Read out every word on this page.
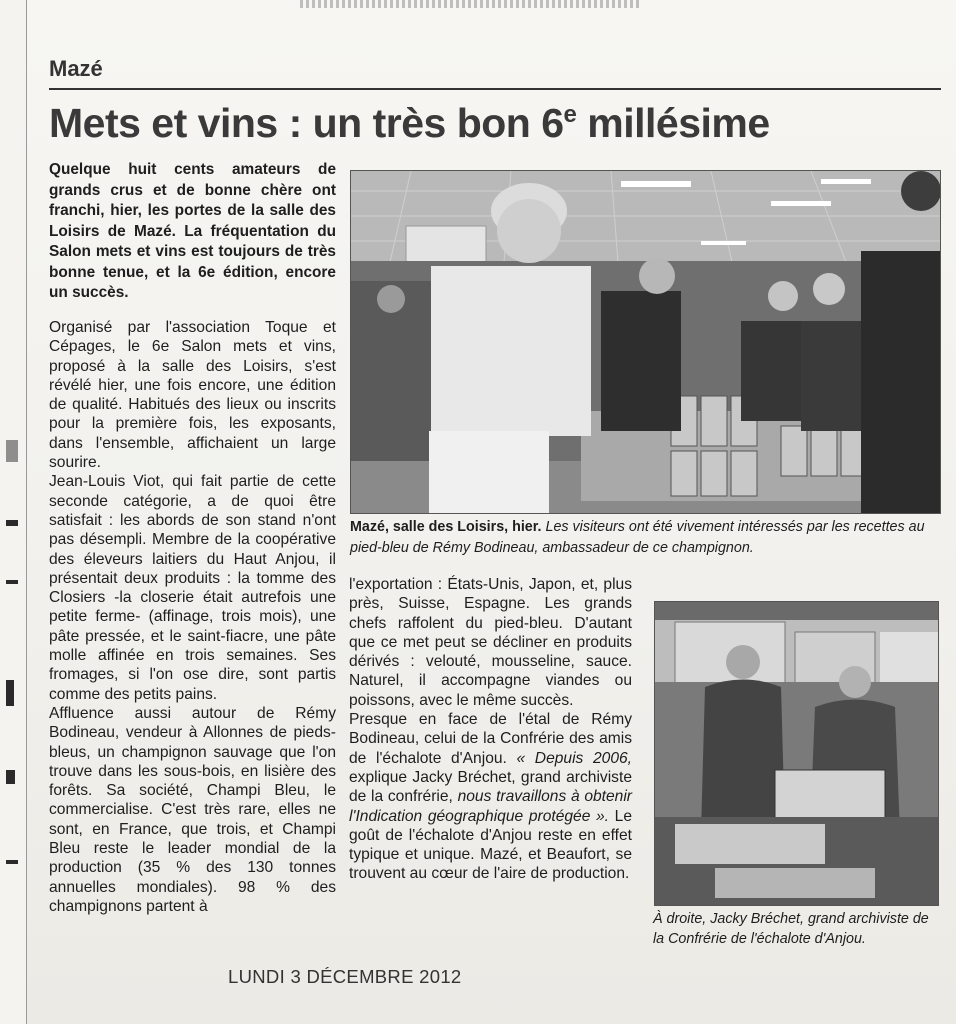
Mazé
Mets et vins : un très bon 6e millésime
Quelque huit cents amateurs de grands crus et de bonne chère ont franchi, hier, les portes de la salle des Loisirs de Mazé. La fréquentation du Salon mets et vins est toujours de très bonne tenue, et la 6e édition, encore un succès.

Organisé par l'association Toque et Cépages, le 6e Salon mets et vins, proposé à la salle des Loisirs, s'est révélé hier, une fois encore, une édition de qualité. Habitués des lieux ou inscrits pour la première fois, les exposants, dans l'ensemble, affichaient un large sourire.

Jean-Louis Viot, qui fait partie de cette seconde catégorie, a de quoi être satisfait : les abords de son stand n'ont pas désempli. Membre de la coopérative des éleveurs laitiers du Haut Anjou, il présentait deux produits : la tomme des Closiers -la closerie était autrefois une petite ferme- (affinage, trois mois), une pâte pressée, et le saint-fiacre, une pâte molle affinée en trois semaines. Ses fromages, si l'on ose dire, sont partis comme des petits pains.

Affluence aussi autour de Rémy Bodineau, vendeur à Allonnes de pieds-bleus, un champignon sauvage que l'on trouve dans les sous-bois, en lisière des forêts. Sa société, Champi Bleu, le commercialise. C'est très rare, elles ne sont, en France, que trois, et Champi Bleu reste le leader mondial de la production (35 % des 130 tonnes annuelles mondiales). 98 % des champignons partent à

l'exportation : États-Unis, Japon, et, plus près, Suisse, Espagne. Les grands chefs raffolent du pied-bleu. D'autant que ce met peut se décliner en produits dérivés : velouté, mousseline, sauce. Naturel, il accompagne viandes ou poissons, avec le même succès.

Presque en face de l'étal de Rémy Bodineau, celui de la Confrérie des amis de l'échalote d'Anjou. « Depuis 2006, explique Jacky Bréchet, grand archiviste de la confrérie, nous travaillons à obtenir l'Indication géographique protégée ». Le goût de l'échalote d'Anjou reste en effet typique et unique. Mazé, et Beaufort, se trouvent au cœur de l'aire de production.

Mazé, salle des Loisirs, hier. Les visiteurs ont été vivement intéressés par les recettes au pied-bleu de Rémy Bodineau, ambassadeur de ce champignon.
À droite, Jacky Bréchet, grand archiviste de la Confrérie de l'échalote d'Anjou.
LUNDI 3 DÉCEMBRE 2012
